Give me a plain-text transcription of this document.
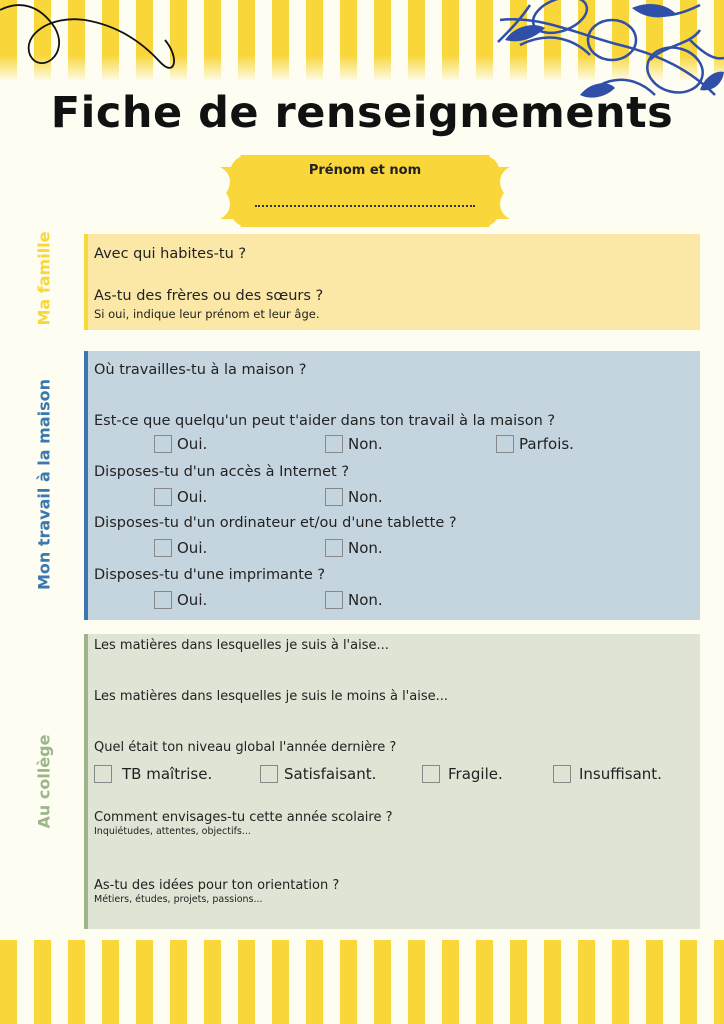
Fiche de renseignements
Prénom et nom
Ma famille
Mon travail à la maison
Au collège
Avec qui habites-tu ?
As-tu des frères ou des sœurs ?
Si oui, indique leur prénom et leur âge.
Où travailles-tu à la maison ?
Est-ce que quelqu'un peut t'aider dans ton travail à la maison ?
Oui.	Non.	Parfois.
Disposes-tu d'un accès à Internet ?
Oui.	Non.
Disposes-tu d'un ordinateur et/ou d'une tablette ?
Oui.	Non.
Disposes-tu d'une imprimante ?
Oui.	Non.
Les matières dans lesquelles je suis à l'aise...
Les matières dans lesquelles je suis le moins à l'aise...
Quel était ton niveau global l'année dernière ?
TB maîtrise.	Satisfaisant.	Fragile.	Insuffisant.
Comment envisages-tu cette année scolaire ?
Inquiétudes, attentes, objectifs...
As-tu des idées pour ton orientation ?
Métiers, études, projets, passions...
